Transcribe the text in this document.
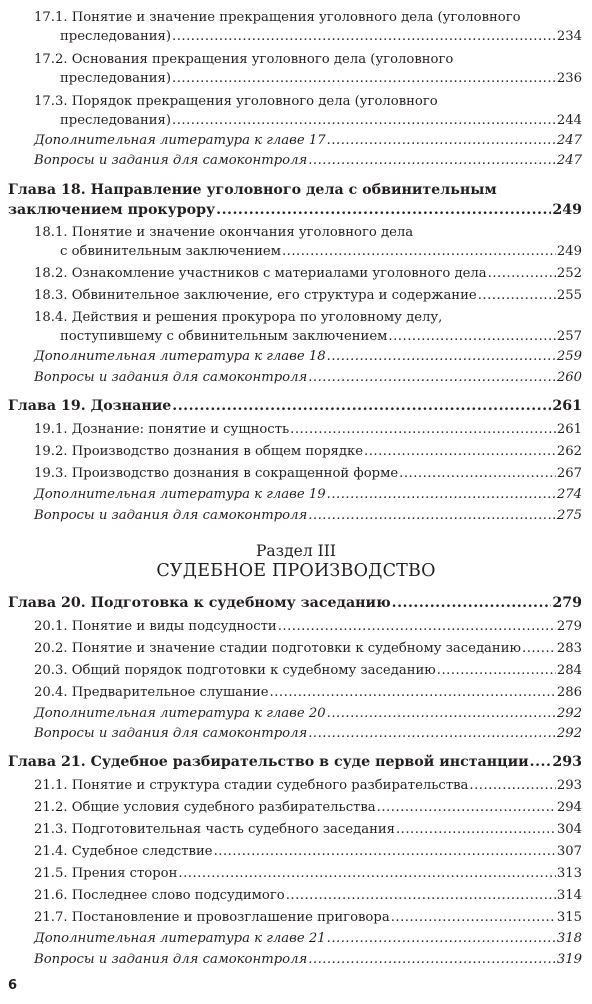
17.1. Понятие и значение прекращения уголовного дела (уголовного
преследования) .....	234
17.2. Основания прекращения уголовного дела (уголовного
преследования) .....	236
17.3. Порядок прекращения уголовного дела (уголовного
преследования) .....	244
Дополнительная литература к главе 17 .....	247
Вопросы и задания для самоконтроля .....	247
Глава 18. Направление уголовного дела с обвинительным
заключением прокурору .....	249
18.1. Понятие и значение окончания уголовного дела
с обвинительным заключением .....	249
18.2. Ознакомление участников с материалами уголовного дела .....	252
18.3. Обвинительное заключение, его структура и содержание .....	255
18.4. Действия и решения прокурора по уголовному делу,
поступившему с обвинительным заключением .....	257
Дополнительная литература к главе 18 .....	259
Вопросы и задания для самоконтроля .....	260
Глава 19. Дознание .....	261
19.1. Дознание: понятие и сущность .....	261
19.2. Производство дознания в общем порядке .....	262
19.3. Производство дознания в сокращенной форме .....	267
Дополнительная литература к главе 19 .....	274
Вопросы и задания для самоконтроля .....	275
Раздел III
СУДЕБНОЕ ПРОИЗВОДСТВО
Глава 20. Подготовка к судебному заседанию .....	279
20.1. Понятие и виды подсудности .....	279
20.2. Понятие и значение стадии подготовки к судебному заседанию .....	283
20.3. Общий порядок подготовки к судебному заседанию .....	284
20.4. Предварительное слушание .....	286
Дополнительная литература к главе 20 .....	292
Вопросы и задания для самоконтроля .....	292
Глава 21. Судебное разбирательство в суде первой инстанции ..... 293
21.1. Понятие и структура стадии судебного разбирательства .....	293
21.2. Общие условия судебного разбирательства .....	294
21.3. Подготовительная часть судебного заседания .....	304
21.4. Судебное следствие .....	307
21.5. Прения сторон .....	313
21.6. Последнее слово подсудимого .....	314
21.7. Постановление и провозглашение приговора .....	315
Дополнительная литература к главе 21 .....	318
Вопросы и задания для самоконтроля .....	319
6
